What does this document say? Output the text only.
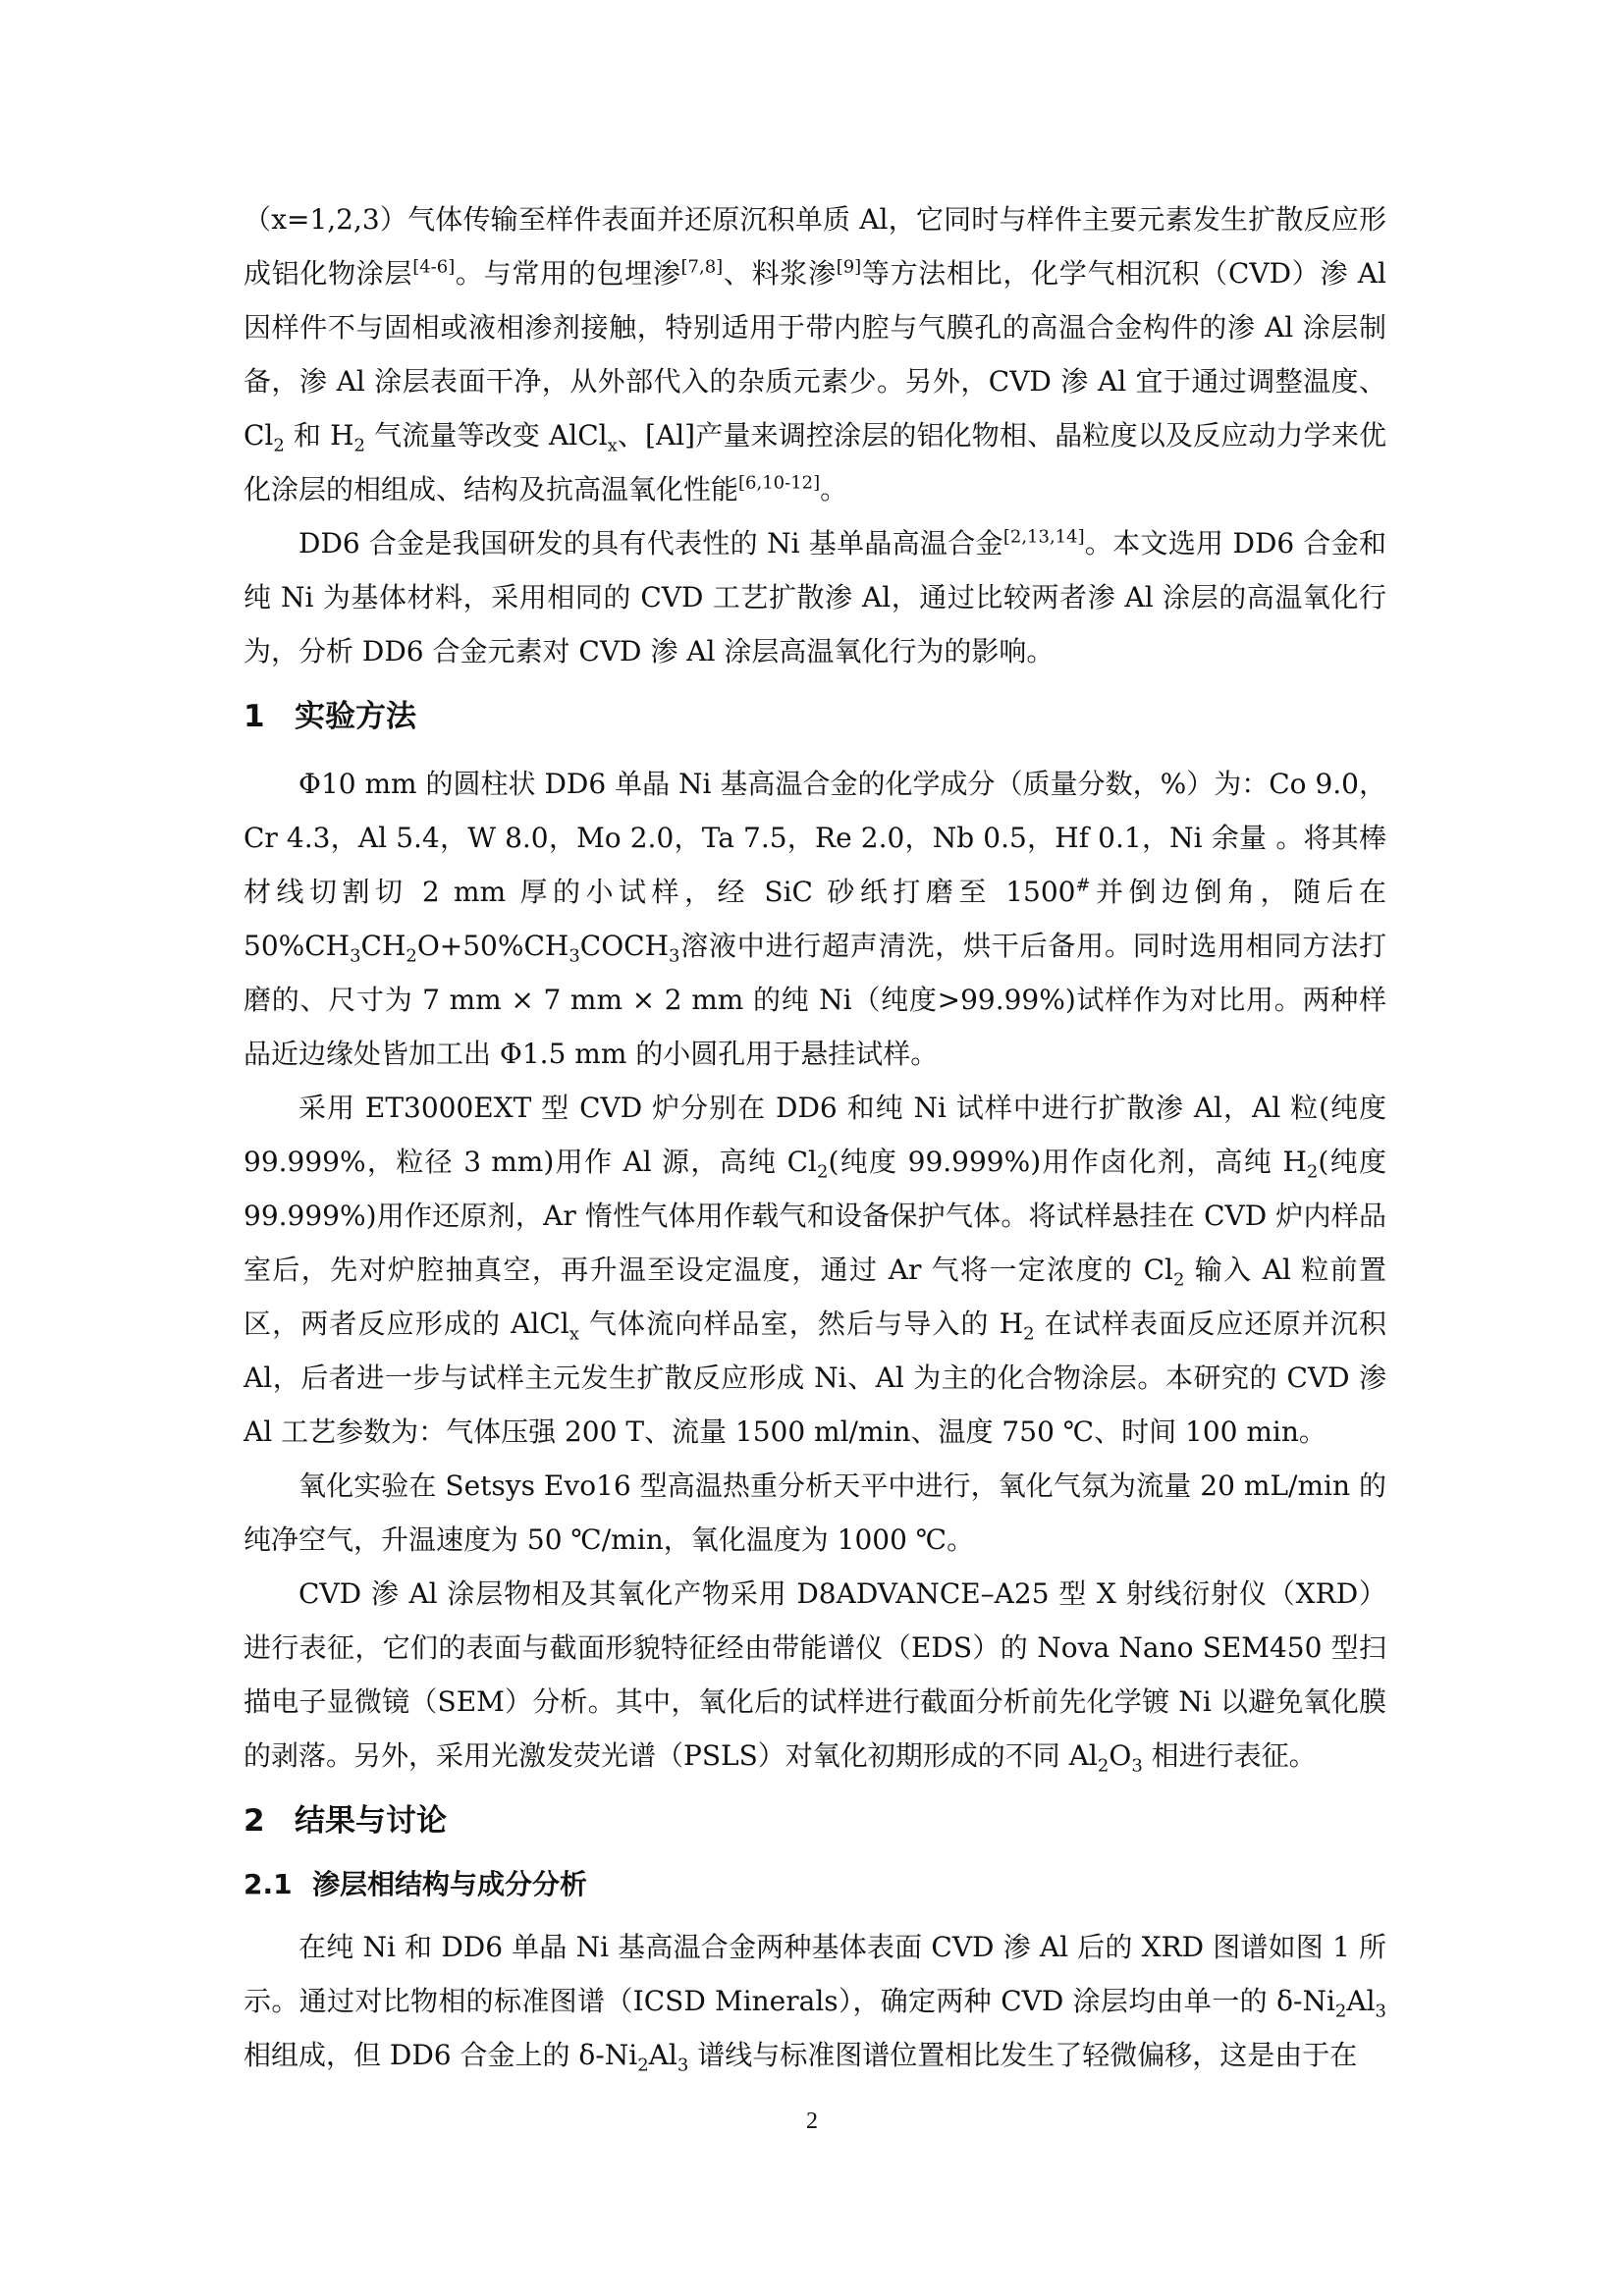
（x=1,2,3）气体传输至样件表面并还原沉积单质 Al，它同时与样件主要元素发生扩散反应形成铝化物涂层[4-6]。与常用的包埋渗[7,8]、料浆渗[9]等方法相比，化学气相沉积（CVD）渗 Al 因样件不与固相或液相渗剂接触，特别适用于带内腔与气膜孔的高温合金构件的渗 Al 涂层制备，渗 Al 涂层表面干净，从外部代入的杂质元素少。另外，CVD 渗 Al 宜于通过调整温度、$Cl_2$ 和 $H_2$ 气流量等改变 AlCl$_x$、[Al]产量来调控涂层的铝化物相、晶粒度以及反应动力学来优化涂层的相组成、结构及抗高温氧化性能[6,10-12]。

DD6 合金是我国研发的具有代表性的 Ni 基单晶高温合金[2,13,14]。本文选用 DD6 合金和纯 Ni 为基体材料，采用相同的 CVD 工艺扩散渗 Al，通过比较两者渗 Al 涂层的高温氧化行为，分析 DD6 合金元素对 CVD 渗 Al 涂层高温氧化行为的影响。

1 实验方法

Φ10 mm 的圆柱状 DD6 单晶 Ni 基高温合金的化学成分（质量分数，%）为：Co 9.0，Cr 4.3，Al 5.4，W 8.0，Mo 2.0，Ta 7.5，Re 2.0，Nb 0.5，Hf 0.1，Ni 余量 。将其棒材线切割切 2 mm 厚的小试样，经 SiC 砂纸打磨至 1500#并倒边倒角，随后在 $50\%CH_3CH_2O+50\%CH_3COCH_3$溶液中进行超声清洗，烘干后备用。同时选用相同方法打磨的、尺寸为 7 mm × 7 mm × 2 mm 的纯 Ni（纯度>99.99%)试样作为对比用。两种样品近边缘处皆加工出 Φ1.5 mm 的小圆孔用于悬挂试样。

采用 ET3000EXT 型 CVD 炉分别在 DD6 和纯 Ni 试样中进行扩散渗 Al，Al 粒(纯度 99.999%，粒径 3 mm)用作 Al 源，高纯 $Cl_2$(纯度 99.999%)用作卤化剂，高纯 $H_2$(纯度 99.999%)用作还原剂，Ar 惰性气体用作载气和设备保护气体。将试样悬挂在 CVD 炉内样品室后，先对炉腔抽真空，再升温至设定温度，通过 Ar 气将一定浓度的 $Cl_2$ 输入 Al 粒前置区，两者反应形成的 AlCl$_x$ 气体流向样品室，然后与导入的 $H_2$ 在试样表面反应还原并沉积 Al，后者进一步与试样主元发生扩散反应形成 Ni、Al 为主的化合物涂层。本研究的 CVD 渗 Al 工艺参数为：气体压强 200 T、流量 1500 ml/min、温度 750 ℃、时间 100 min。

氧化实验在 Setsys Evo16 型高温热重分析天平中进行，氧化气氛为流量 20 mL/min 的纯净空气，升温速度为 50 ℃/min，氧化温度为 1000 ℃。

CVD 渗 Al 涂层物相及其氧化产物采用 D8ADVANCE–A25 型 X 射线衍射仪（XRD）进行表征，它们的表面与截面形貌特征经由带能谱仪（EDS）的 Nova Nano SEM450 型扫描电子显微镜（SEM）分析。其中，氧化后的试样进行截面分析前先化学镀 Ni 以避免氧化膜的剥落。另外，采用光激发荧光谱（PSLS）对氧化初期形成的不同 $Al_2O_3$ 相进行表征。

2 结果与讨论
2.1 渗层相结构与成分分析

在纯 Ni 和 DD6 单晶 Ni 基高温合金两种基体表面 CVD 渗 Al 后的 XRD 图谱如图 1 所示。通过对比物相的标准图谱（ICSD Minerals），确定两种 CVD 涂层均由单一的 $\delta-Ni_2Al_3$ 相组成，但 DD6 合金上的 $\delta-Ni_2Al_3$ 谱线与标准图谱位置相比发生了轻微偏移，这是由于在

2
